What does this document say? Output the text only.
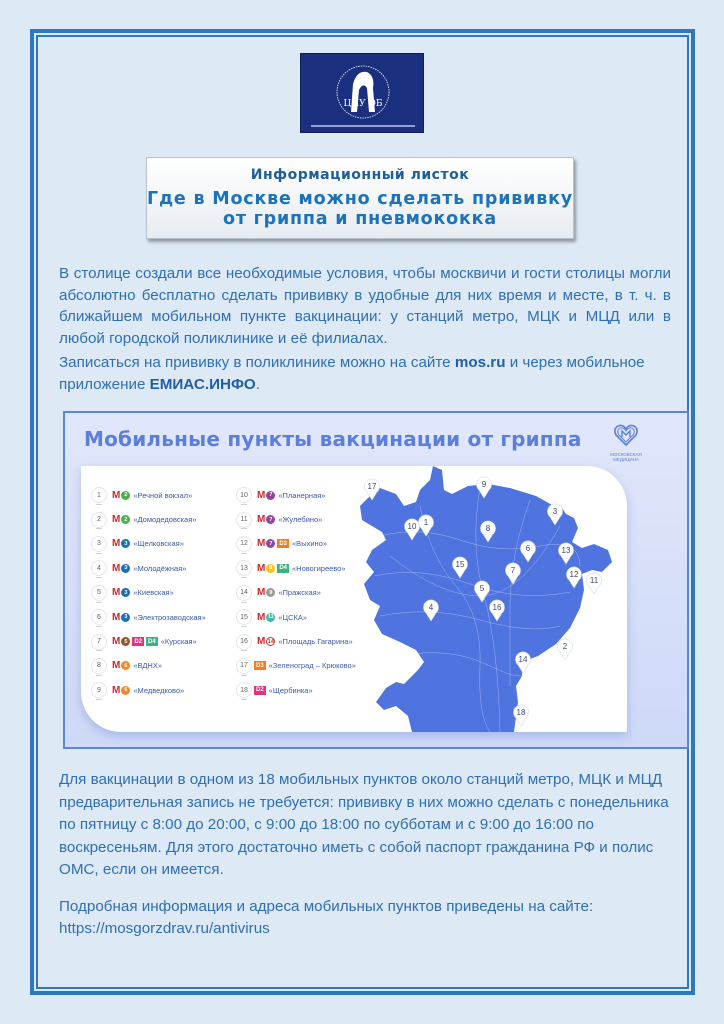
ЦПУ ОБ
Информационный листок
Где в Москве можно сделать прививку
от гриппа и пневмококка

В столице создали все необходимые условия, чтобы москвичи и гости столицы могли абсолютно бесплатно сделать прививку в удобные для них время и месте, в т. ч. в ближайшем мобильном пункте вакцинации: у станций метро, МЦК и МЦД или в любой городской поликлинике и её филиалах.

Записаться на прививку в поликлинике можно на сайте mos.ru и через мобильное приложение ЕМИАС.ИНФО.

Мобильные пункты вакцинации от гриппа
МОСКОВСКАЯ МЕДИЦИНА
1	M 2 «Речной вокзал»
2	M 2 «Домодедовская»
3	M 3 «Щелковская»
4	M 3 «Молодёжная»
5	M 3 «Киевская»
6	M 3 «Электрозаводская»
7	M 5	D2	D4 «Курская»
8	M 6 «ВДНХ»
9	M 6 «Медведково»
10 M 7 «Планерная»
11 M 7 «Жулебино»
12 M 7	D3 «Выхино»
13 M 8	D4 «Новогиреево»
14 M 9 «Пражская»
15 M 11 «ЦСКА»
16 M 14 «Площадь Гагарина»
17	D3 «Зеленоград – Крюково»
18	D2 «Щербинка»
17	9
10 1
3
8
6	13
15
7	12
11
5
16
4
2
14
18

Для вакцинации в одном из 18 мобильных пунктов около станций метро, МЦК и МЦД предварительная запись не требуется: прививку в них можно сделать с понедельника по пятницу с 8:00 до 20:00, с 9:00 до 18:00 по субботам и с 9:00 до 16:00 по воскресеньям. Для этого достаточно иметь с собой паспорт гражданина РФ и полис ОМС, если он имеется.

Подробная информация и адреса мобильных пунктов приведены на сайте:
https://mosgorzdrav.ru/antivirus
